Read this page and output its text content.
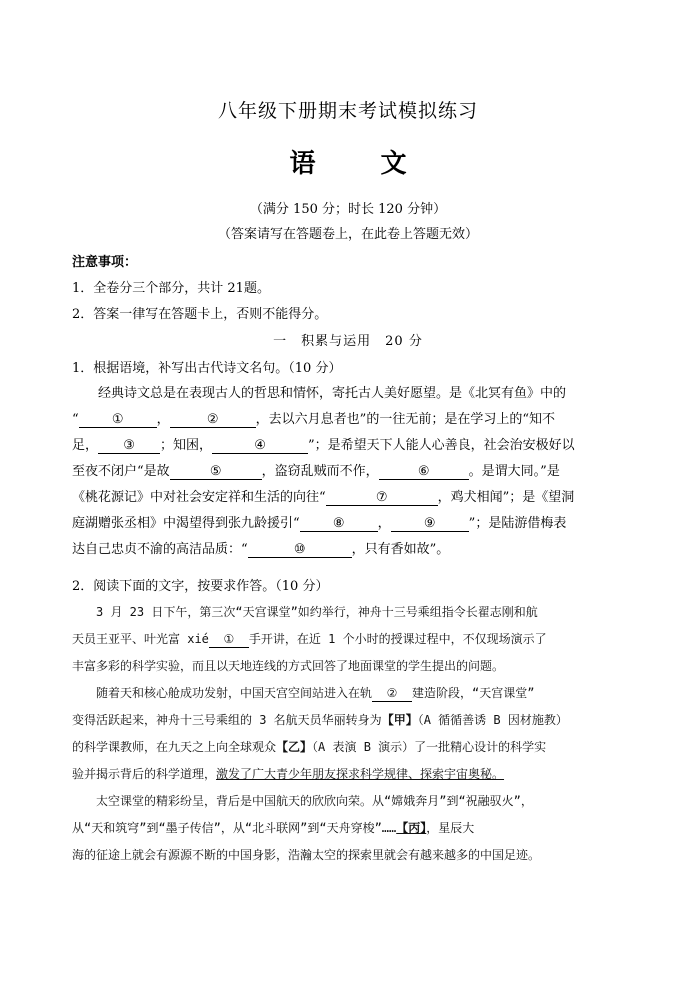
八年级下册期末考试模拟练习
语 文
（满分 150 分；时长 120 分钟）
（答案请写在答题卷上，在此卷上答题无效）
注意事项：
1．全卷分三个部分，共计 21题。
2．答案一律写在答题卡上，否则不能得分。
一　积累与运用　20 分
1．根据语境，补写出古代诗文名句。（10 分）
经典诗文总是在表现古人的哲思和情怀，寄托古人美好愿望。是《北冥有鱼》中的
“	①	，	②	，去以六月息者也”的一往无前；是在学习上的“知不
足， ③ ；知困，	④	”；是希望天下人能人心善良，社会治安极好以
至夜不闭户“是故	⑤	，盗窃乱贼而不作，	⑥	。是谓大同。”是
《桃花源记》中对社会安定祥和生活的向往“	⑦	，鸡犬相闻”；是《望洞
庭湖赠张丞相》中渴望得到张九龄援引“	⑧	，	⑨	”；是陆游借梅表
达自己忠贞不渝的高洁品质：“	⑩	，只有香如故”。
2．阅读下面的文字，按要求作答。（10 分）
3 月 23 日下午，第三次“天宫课堂”如约举行，神舟十三号乘组指令长翟志刚和航
天员王亚平、叶光富 xié ① 手开讲，在近 1 个小时的授课过程中，不仅现场演示了
丰富多彩的科学实验，而且以天地连线的方式回答了地面课堂的学生提出的问题。
随着天和核心舱成功发射，中国天宫空间站进入在轨 ② 建造阶段，“天宫课堂”
变得活跃起来，神舟十三号乘组的 3 名航天员华丽转身为【甲】（A 循循善诱 B 因材施教）
的科学课教师，在九天之上向全球观众【乙】（A 表演 B 演示）了一批精心设计的科学实
验并揭示背后的科学道理，激发了广大青少年朋友探求科学规律、探索宇宙奥秘。
太空课堂的精彩纷呈，背后是中国航天的欣欣向荣。从“嫦娥奔月”到“祝融驭火”，
从“天和筑穹”到“墨子传信”，从“北斗联网”到“天舟穿梭”……【丙】，星辰大
海的征途上就会有源源不断的中国身影，浩瀚太空的探索里就会有越来越多的中国足迹。
